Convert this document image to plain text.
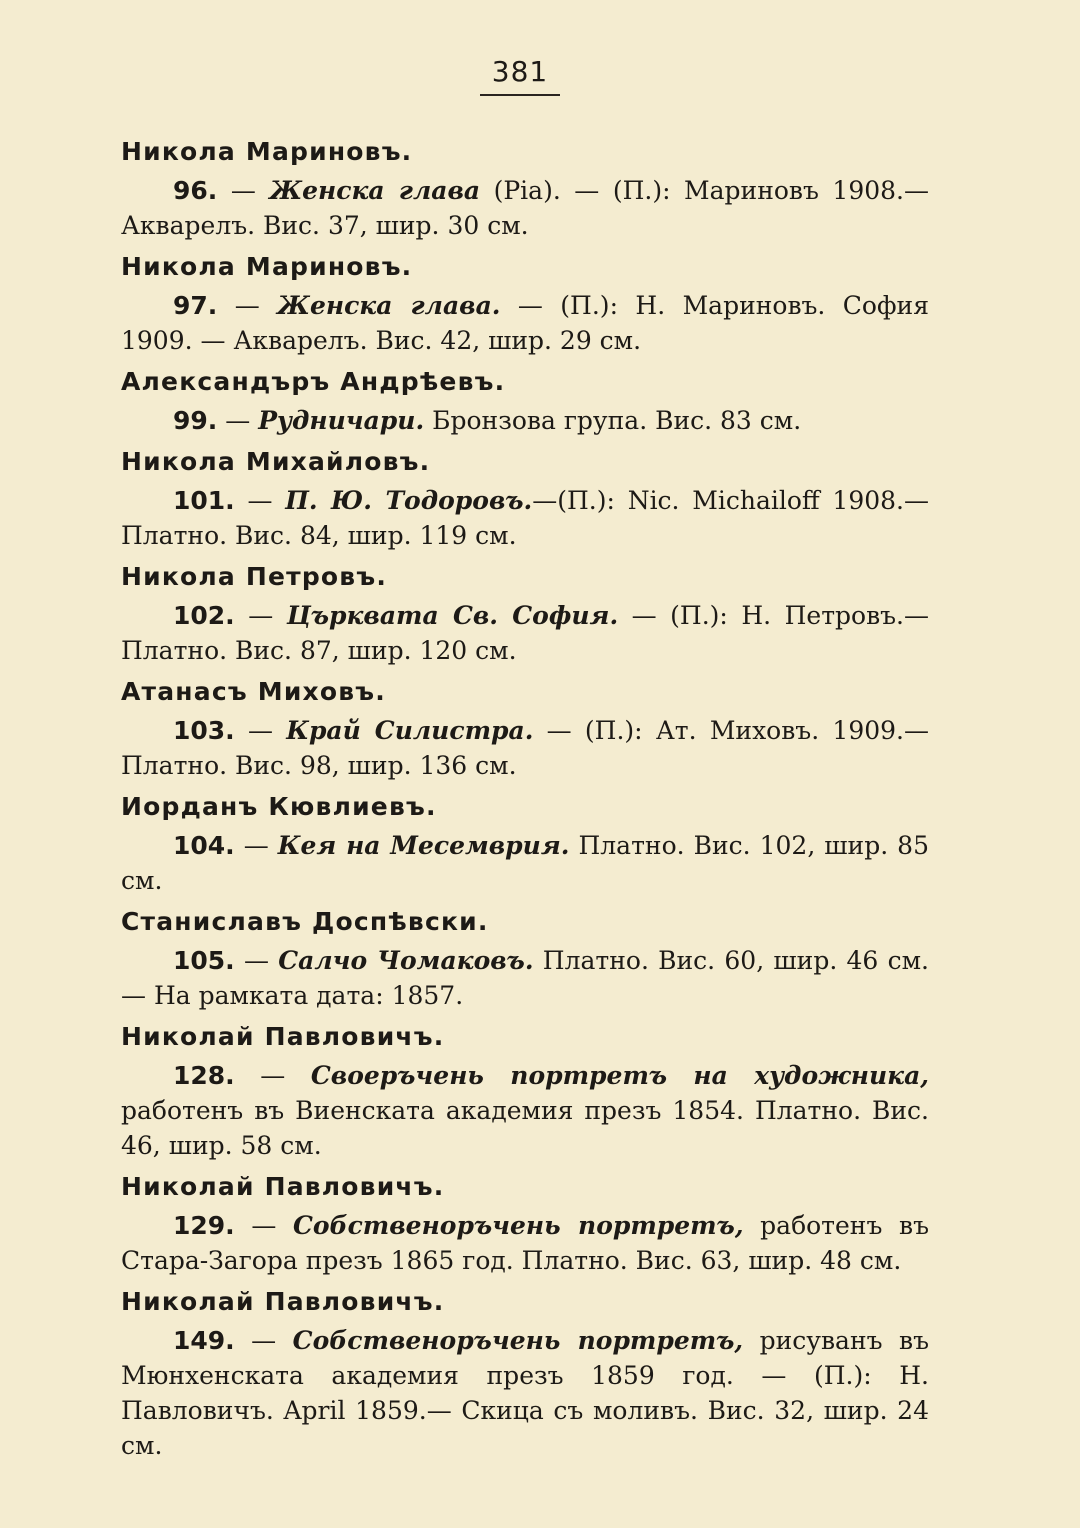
381
Никола Мариновъ.

96. — Женска глава (Pia). — (П.): Мариновъ 1908.— Акварелъ. Вис. 37, шир. 30 см.

Никола Мариновъ.

97. — Женска глава. — (П.): Н. Мариновъ. София 1909. — Акварелъ. Вис. 42, шир. 29 см.

Александъръ Андрѣевъ.

99. — Рудничари. Бронзова група. Вис. 83 см.

Никола Михайловъ.

101. — П. Ю. Тодоровъ.—(П.): Nic. Michailoff 1908.— Платно. Вис. 84, шир. 119 см.

Никола Петровъ.

102. — Църквата Св. София. — (П.): Н. Петровъ.— Платно. Вис. 87, шир. 120 см.

Атанасъ Миховъ.

103. — Край Силистра. — (П.): Ат. Миховъ. 1909.— Платно. Вис. 98, шир. 136 см.

Иорданъ Кювлиевъ.

104. — Кея на Месемврия. Платно. Вис. 102, шир. 85 см.

Станиславъ Доспѣвски.

105. — Салчо Чомаковъ. Платно. Вис. 60, шир. 46 см.— На рамката дата: 1857.

Николай Павловичъ.

128. — Своеръчень портретъ на художника, работенъ въ Виенската академия презъ 1854. Платно. Вис. 46, шир. 58 см.

Николай Павловичъ.

129. — Собственоръчень портретъ, работенъ въ Стара-Загора презъ 1865 год. Платно. Вис. 63, шир. 48 см.

Николай Павловичъ.

149. — Собственоръчень портретъ, рисуванъ въ Мюнхенската академия презъ 1859 год. — (П.): Н. Павловичъ. April 1859.— Скица съ моливъ. Вис. 32, шир. 24 см.
